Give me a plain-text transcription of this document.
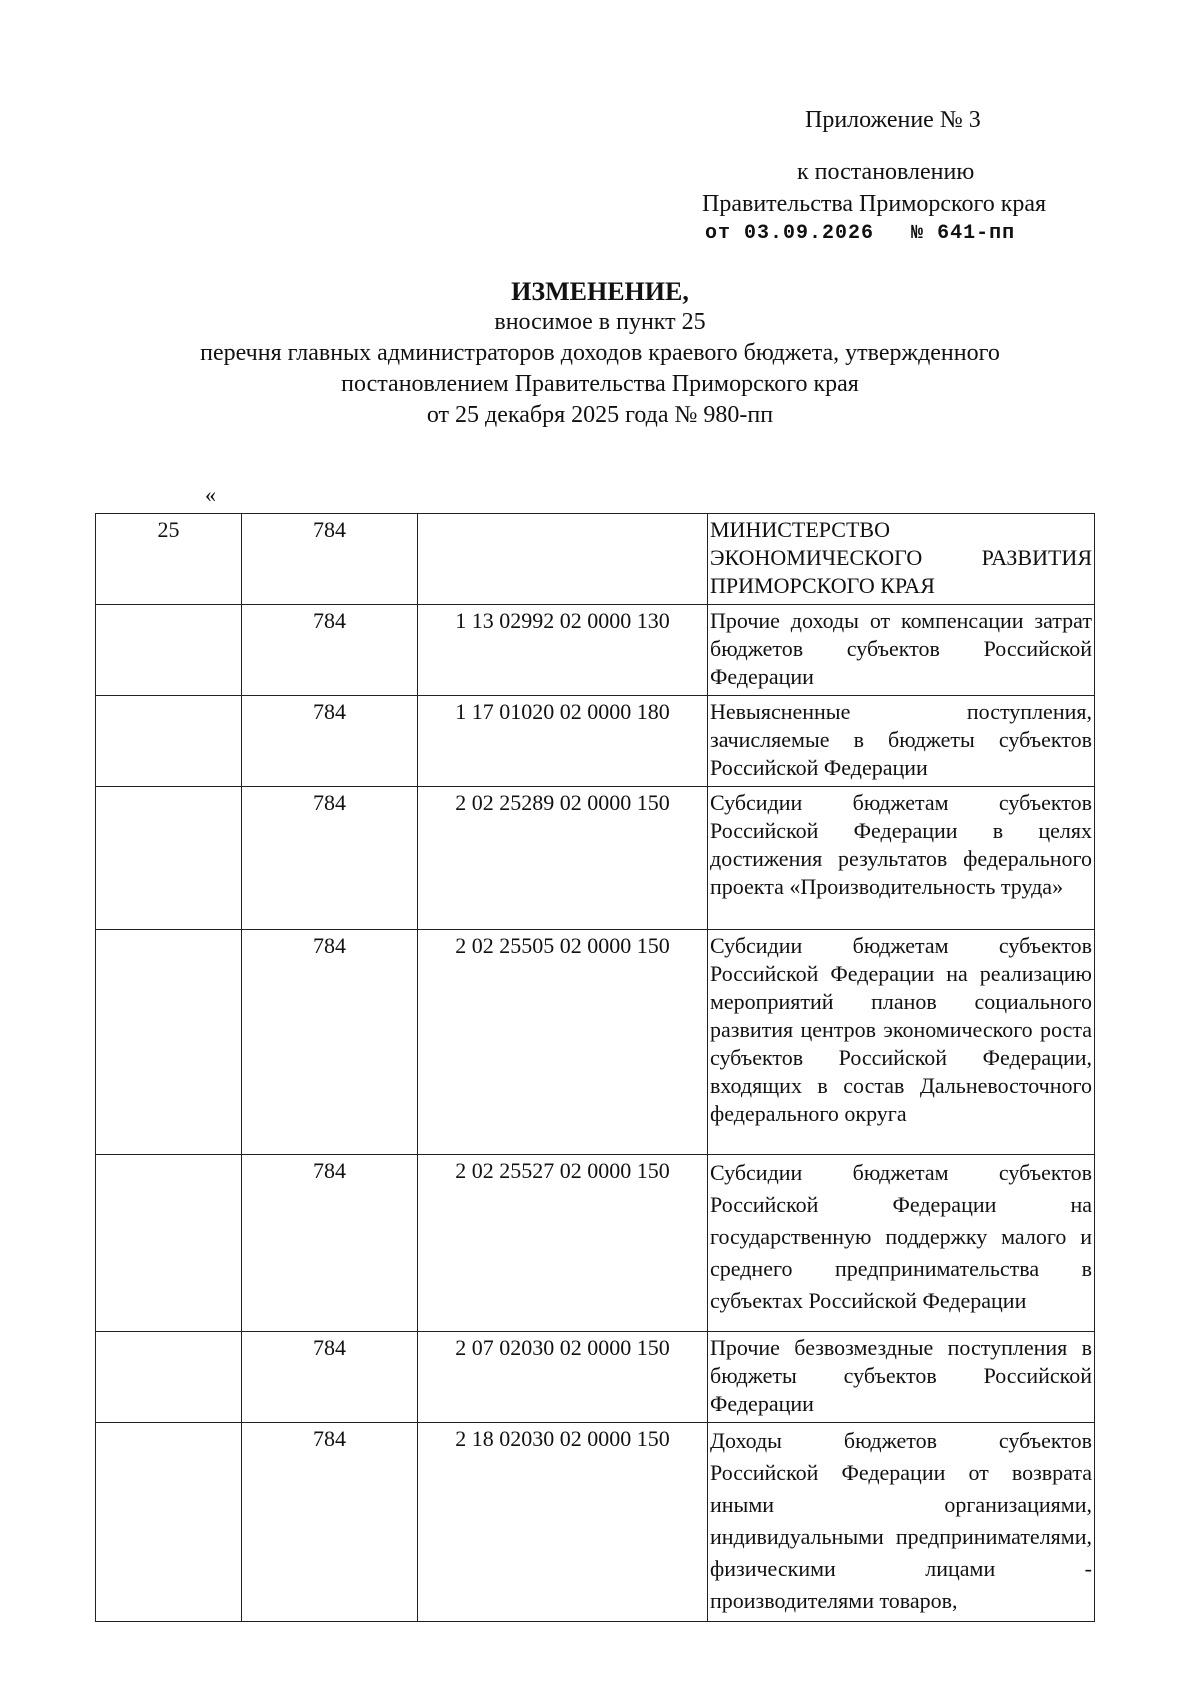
Приложение № 3
к постановлению
Правительства Приморского края
от 03.09.2026 № 641-пп
ИЗМЕНЕНИЕ,
вносимое в пункт 25
перечня главных администраторов доходов краевого бюджета, утвержденного
постановлением Правительства Приморского края
от 25 декабря 2025 года № 980-пп
«
25	784		МИНИСТЕРСТВО ЭКОНОМИЧЕСКОГО РАЗВИТИЯ ПРИМОРСКОГО КРАЯ
	784	1 13 02992 02 0000 130	Прочие доходы от компенсации затрат бюджетов субъектов Российской Федерации
	784	1 17 01020 02 0000 180	Невыясненные поступления, зачисляемые в бюджеты субъектов Российской Федерации
	784	2 02 25289 02 0000 150	Субсидии бюджетам субъектов Российской Федерации в целях достижения результатов федерального проекта «Производительность труда»
	784	2 02 25505 02 0000 150	Субсидии бюджетам субъектов Российской Федерации на реализацию мероприятий планов социального развития центров экономического роста субъектов Российской Федерации, входящих в состав Дальневосточного федерального округа
	784	2 02 25527 02 0000 150	Субсидии бюджетам субъектов Российской Федерации на государственную поддержку малого и среднего предпринимательства в субъектах Российской Федерации
	784	2 07 02030 02 0000 150	Прочие безвозмездные поступления в бюджеты субъектов Российской Федерации
	784	2 18 02030 02 0000 150	Доходы бюджетов субъектов Российской Федерации от возврата иными организациями, индивидуальными предпринимателями, физическими лицами - производителями товаров,
